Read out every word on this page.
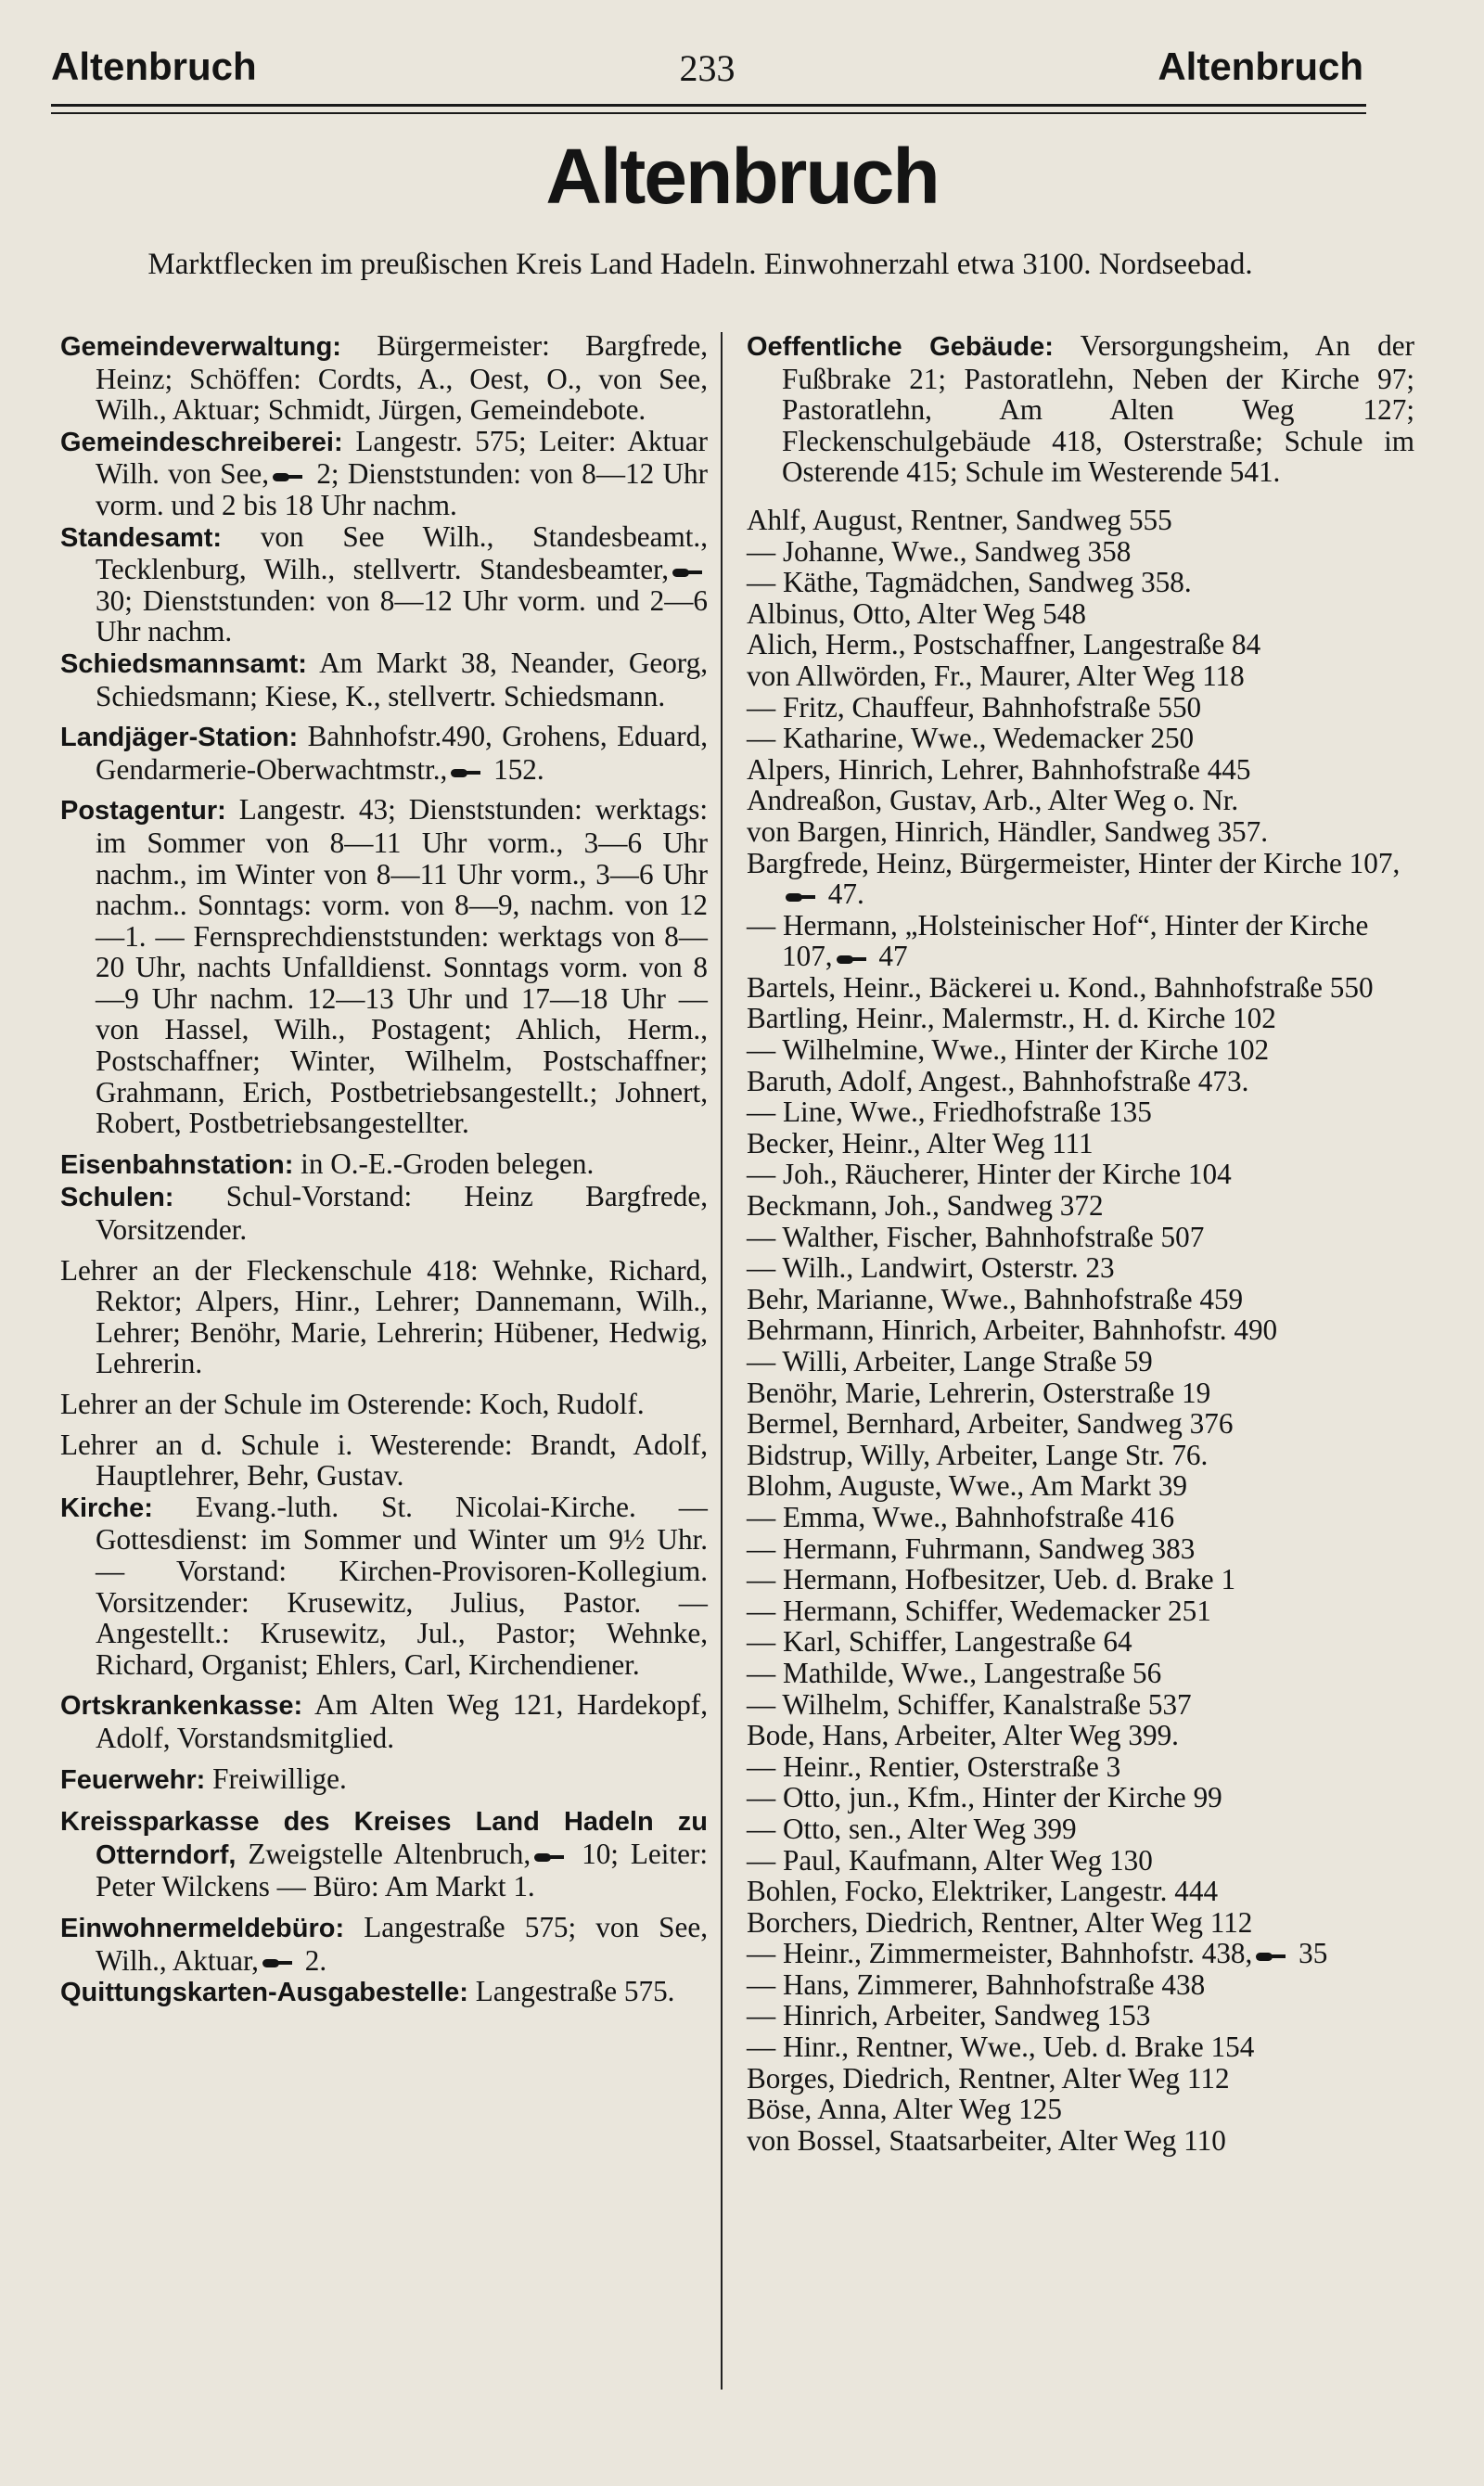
Altenbruch	233	Altenbruch
Altenbruch
Marktflecken im preußischen Kreis Land Hadeln. Einwohnerzahl etwa 3100. Nordseebad.

Gemeindeverwaltung: Bürgermeister: Bargfrede, Heinz; Schöffen: Cordts, A., Oest, O., von See, Wilh., Aktuar; Schmidt, Jürgen, Gemeindebote.

Gemeindeschreiberei: Langestr. 575; Leiter: Aktuar Wilh. von See, 2; Dienststunden: von 8—12 Uhr vorm. und 2 bis 18 Uhr nachm.

Standesamt: von See Wilh., Standesbeamt., Tecklenburg, Wilh., stellvertr. Standesbeamter, 30; Dienststunden: von 8—12 Uhr vorm. und 2—6 Uhr nachm.

Schiedsmannsamt: Am Markt 38, Neander, Georg, Schiedsmann; Kiese, K., stellvertr. Schiedsmann.

Landjäger-Station: Bahnhofstr.490, Grohens, Eduard, Gendarmerie-Oberwachtmstr., 152.

Postagentur: Langestr. 43; Dienststunden: werktags: im Sommer von 8—11 Uhr vorm., 3—6 Uhr nachm., im Winter von 8—11 Uhr vorm., 3—6 Uhr nachm.. Sonntags: vorm. von 8—9, nachm. von 12—1. — Fernsprechdienststunden: werktags von 8—20 Uhr, nachts Unfalldienst. Sonntags vorm. von 8—9 Uhr nachm. 12—13 Uhr und 17—18 Uhr — von Hassel, Wilh., Postagent; Ahlich, Herm., Postschaffner; Winter, Wilhelm, Postschaffner; Grahmann, Erich, Postbetriebsangestellt.; Johnert, Robert, Postbetriebsangestellter.

Eisenbahnstation: in O.-E.-Groden belegen.

Schulen: Schul-Vorstand: Heinz Bargfrede, Vorsitzender.

Lehrer an der Fleckenschule 418: Wehnke, Richard, Rektor; Alpers, Hinr., Lehrer; Dannemann, Wilh., Lehrer; Benöhr, Marie, Lehrerin; Hübener, Hedwig, Lehrerin.

Lehrer an der Schule im Osterende: Koch, Rudolf.

Lehrer an d. Schule i. Westerende: Brandt, Adolf, Hauptlehrer, Behr, Gustav.

Kirche: Evang.-luth. St. Nicolai-Kirche. — Gottesdienst: im Sommer und Winter um 9½ Uhr. — Vorstand: Kirchen-Provisoren-Kollegium. Vorsitzender: Krusewitz, Julius, Pastor. — Angestellt.: Krusewitz, Jul., Pastor; Wehnke, Richard, Organist; Ehlers, Carl, Kirchendiener.

Ortskrankenkasse: Am Alten Weg 121, Hardekopf, Adolf, Vorstandsmitglied.

Feuerwehr: Freiwillige.

Kreissparkasse des Kreises Land Hadeln zu Otterndorf, Zweigstelle Altenbruch, 10; Leiter: Peter Wilckens — Büro: Am Markt 1.

Einwohnermeldebüro: Langestraße 575; von See, Wilh., Aktuar, 2.

Quittungskarten-Ausgabestelle: Langestraße 575.

Oeffentliche Gebäude: Versorgungsheim, An der Fußbrake 21; Pastoratlehn, Neben der Kirche 97; Pastoratlehn, Am Alten Weg 127; Fleckenschulgebäude 418, Osterstraße; Schule im Osterende 415; Schule im Westerende 541.

Ahlf, August, Rentner, Sandweg 555

— Johanne, Wwe., Sandweg 358

— Käthe, Tagmädchen, Sandweg 358.

Albinus, Otto, Alter Weg 548

Alich, Herm., Postschaffner, Langestraße 84

von Allwörden, Fr., Maurer, Alter Weg 118

— Fritz, Chauffeur, Bahnhofstraße 550

— Katharine, Wwe., Wedemacker 250

Alpers, Hinrich, Lehrer, Bahnhofstraße 445

Andreaßon, Gustav, Arb., Alter Weg o. Nr.

von Bargen, Hinrich, Händler, Sandweg 357.

Bargfrede, Heinz, Bürgermeister, Hinter der Kirche 107, 47.

— Hermann, „Holsteinischer Hof“, Hinter der Kirche 107, 47

Bartels, Heinr., Bäckerei u. Kond., Bahnhofstraße 550

Bartling, Heinr., Malermstr., H. d. Kirche 102

— Wilhelmine, Wwe., Hinter der Kirche 102

Baruth, Adolf, Angest., Bahnhofstraße 473.

— Line, Wwe., Friedhofstraße 135

Becker, Heinr., Alter Weg 111

— Joh., Räucherer, Hinter der Kirche 104

Beckmann, Joh., Sandweg 372

— Walther, Fischer, Bahnhofstraße 507

— Wilh., Landwirt, Osterstr. 23

Behr, Marianne, Wwe., Bahnhofstraße 459

Behrmann, Hinrich, Arbeiter, Bahnhofstr. 490

— Willi, Arbeiter, Lange Straße 59

Benöhr, Marie, Lehrerin, Osterstraße 19

Bermel, Bernhard, Arbeiter, Sandweg 376

Bidstrup, Willy, Arbeiter, Lange Str. 76.

Blohm, Auguste, Wwe., Am Markt 39

— Emma, Wwe., Bahnhofstraße 416

— Hermann, Fuhrmann, Sandweg 383

— Hermann, Hofbesitzer, Ueb. d. Brake 1

— Hermann, Schiffer, Wedemacker 251

— Karl, Schiffer, Langestraße 64

— Mathilde, Wwe., Langestraße 56

— Wilhelm, Schiffer, Kanalstraße 537

Bode, Hans, Arbeiter, Alter Weg 399.

— Heinr., Rentier, Osterstraße 3

— Otto, jun., Kfm., Hinter der Kirche 99

— Otto, sen., Alter Weg 399

— Paul, Kaufmann, Alter Weg 130

Bohlen, Focko, Elektriker, Langestr. 444

Borchers, Diedrich, Rentner, Alter Weg 112

— Heinr., Zimmermeister, Bahnhofstr. 438, 35

— Hans, Zimmerer, Bahnhofstraße 438

— Hinrich, Arbeiter, Sandweg 153

— Hinr., Rentner, Wwe., Ueb. d. Brake 154

Borges, Diedrich, Rentner, Alter Weg 112

Böse, Anna, Alter Weg 125

von Bossel, Staatsarbeiter, Alter Weg 110
